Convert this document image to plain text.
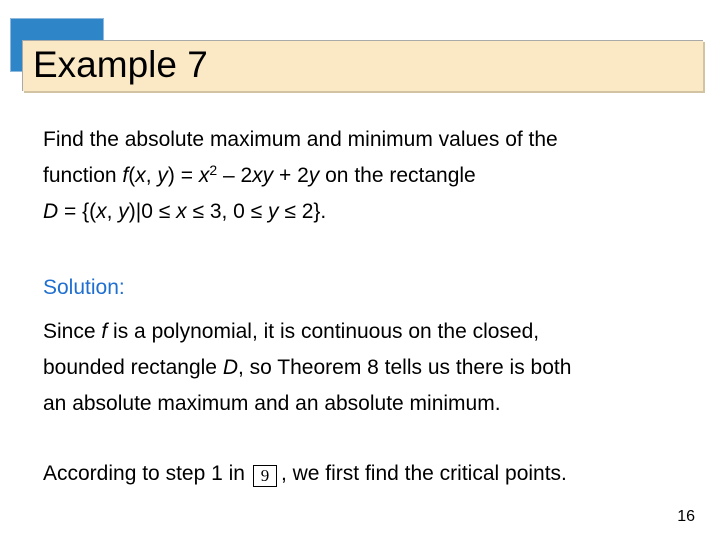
Example 7
Find the absolute maximum and minimum values of the
function f(x, $y) = x^2 - 2xy + 2y$ on the rectangle
D = {(x, y)|0 ≤ x ≤ 3, 0 ≤ y ≤ 2}.
Solution:
Since f is a polynomial, it is continuous on the closed,
bounded rectangle D, so Theorem 8 tells us there is both
an absolute maximum and an absolute minimum.
According to step 1 in 9 , we first find the critical points.
16
